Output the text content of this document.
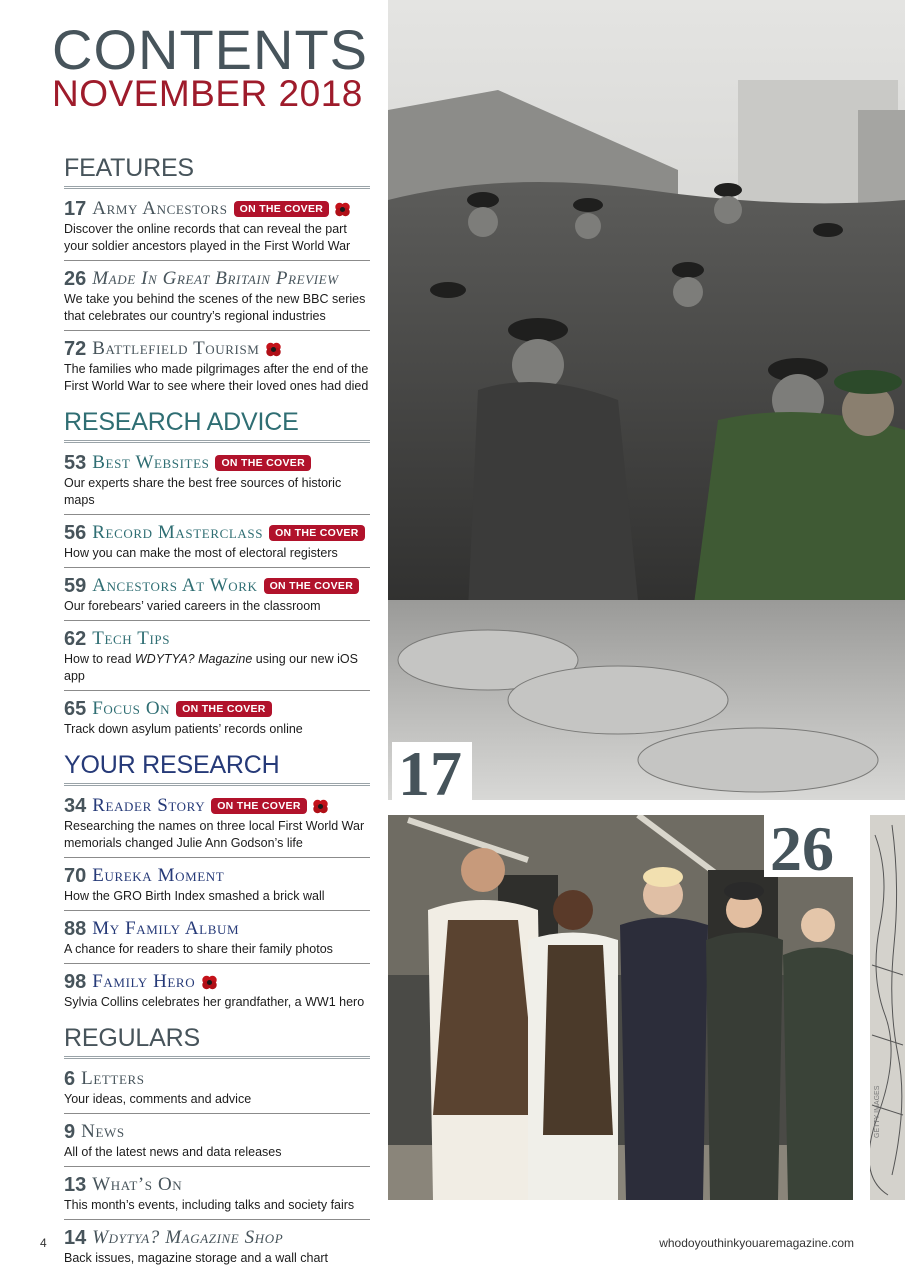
CONTENTS
NOVEMBER 2018
FEATURES
17 Army Ancestors	ON THE COVER
Discover the online records that can reveal the part your soldier ancestors played in the First World War
26 Made In Great Britain Preview
We take you behind the scenes of the new BBC series that celebrates our country’s regional industries
72 Battlefield Tourism
The families who made pilgrimages after the end of the First World War to see where their loved ones had died
RESEARCH ADVICE
53 Best Websites	ON THE COVER
Our experts share the best free sources of historic maps
56 Record Masterclass	ON THE COVER
How you can make the most of electoral registers
59 Ancestors At Work	ON THE COVER
Our forebears’ varied careers in the classroom
62 Tech Tips
How to read WDYTYA? Magazine using our new iOS app
65 Focus On	ON THE COVER
Track down asylum patients’ records online
YOUR RESEARCH
34 Reader Story	ON THE COVER
Researching the names on three local First World War memorials changed Julie Ann Godson’s life
70 Eureka Moment
How the GRO Birth Index smashed a brick wall
88 My Family Album
A chance for readers to share their family photos
98 Family Hero
Sylvia Collins celebrates her grandfather, a WW1 hero
REGULARS
6 Letters
Your ideas, comments and advice
9 News
All of the latest news and data releases
13 What’s On
This month’s events, including talks and society fairs
14 Wdytya? Magazine Shop
Back issues, magazine storage and a wall chart
17
26
GETTY IMAGES
4	whodoyouthinkyouaremagazine.com
